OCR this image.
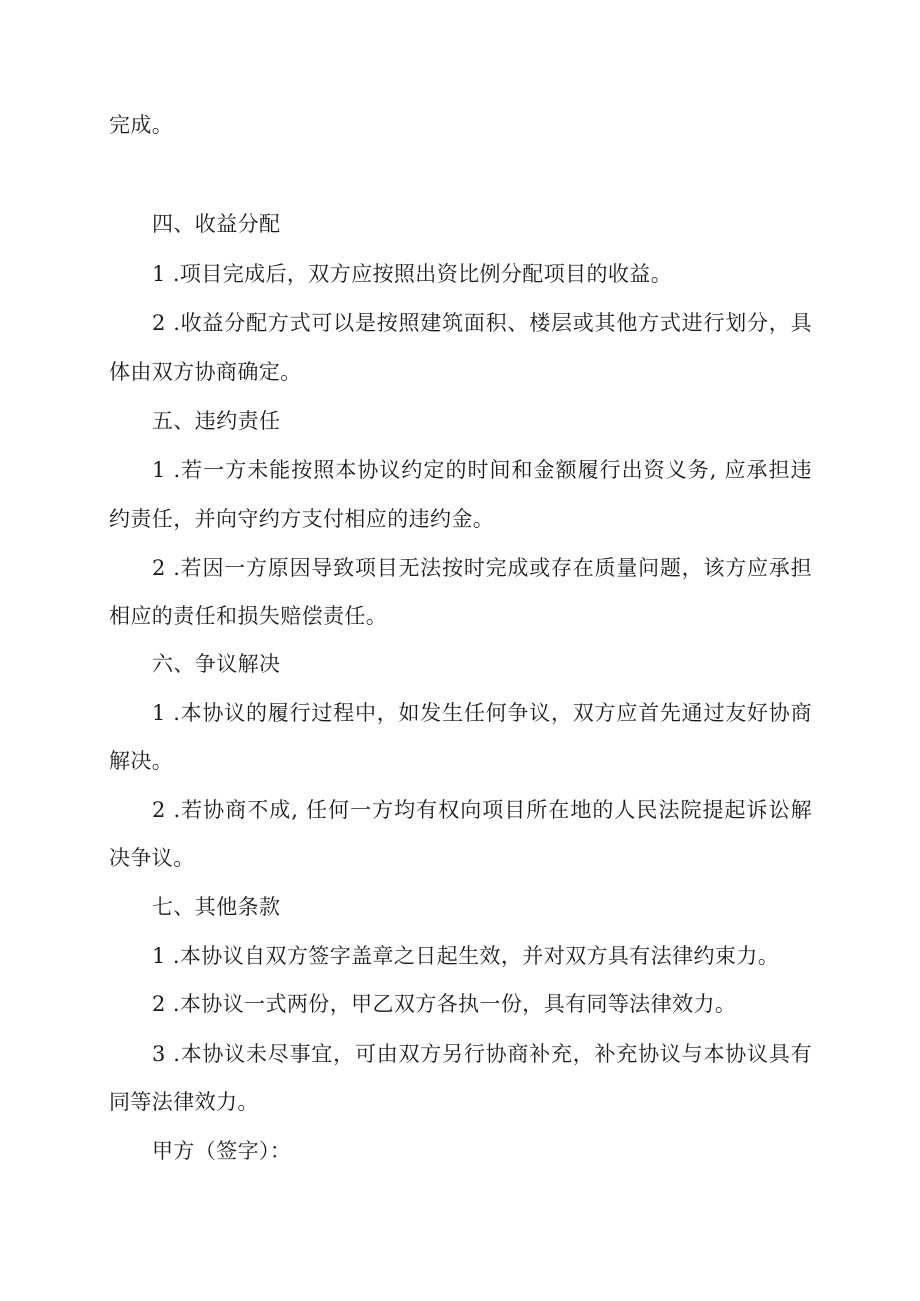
完成。
四、收益分配
1 .项目完成后，双方应按照出资比例分配项目的收益。
2 .收益分配方式可以是按照建筑面积、楼层或其他方式进行划分，具
体由双方协商确定。
五、违约责任
1 .若一方未能按照本协议约定的时间和金额履行出资义务, 应承担违
约责任，并向守约方支付相应的违约金。
2 .若因一方原因导致项目无法按时完成或存在质量问题，该方应承担
相应的责任和损失赔偿责任。
六、争议解决
1 .本协议的履行过程中，如发生任何争议，双方应首先通过友好协商
解决。
2 .若协商不成, 任何一方均有权向项目所在地的人民法院提起诉讼解
决争议。
七、其他条款
1 .本协议自双方签字盖章之日起生效，并对双方具有法律约束力。
2 .本协议一式两份，甲乙双方各执一份，具有同等法律效力。
3 .本协议未尽事宜，可由双方另行协商补充，补充协议与本协议具有
同等法律效力。
甲方（签字）：
